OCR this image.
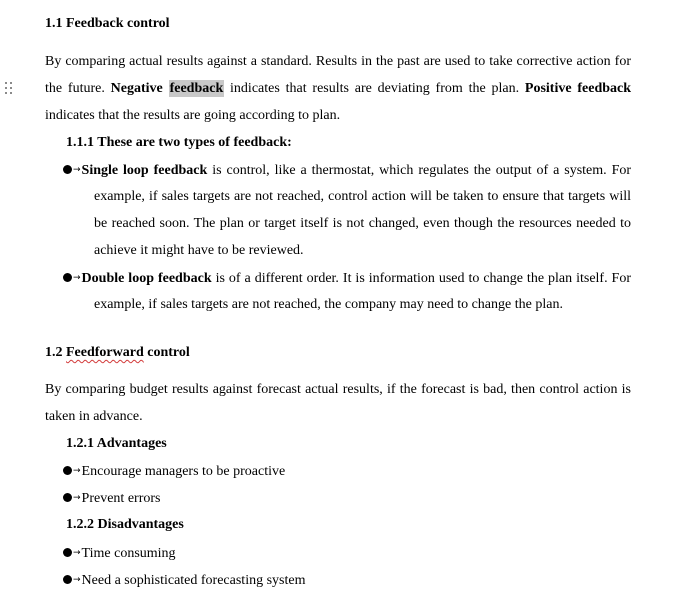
1.1 Feedback control
By comparing actual results against a standard. Results in the past are used to take corrective action for
the future. Negative feedback indicates that results are deviating from the plan. Positive feedback
indicates that the results are going according to plan.
1.1.1 These are two types of feedback:
→Single loop feedback is control, like a thermostat, which regulates the output of a system. For
example, if sales targets are not reached, control action will be taken to ensure that targets will
be reached soon. The plan or target itself is not changed, even though the resources needed to
achieve it might have to be reviewed.
→Double loop feedback is of a different order. It is information used to change the plan itself. For
example, if sales targets are not reached, the company may need to change the plan.
1.2 Feedforward control
By comparing budget results against forecast actual results, if the forecast is bad, then control action is
taken in advance.
1.2.1 Advantages
→Encourage managers to be proactive
→Prevent errors
1.2.2 Disadvantages
→Time consuming
→Need a sophisticated forecasting system
